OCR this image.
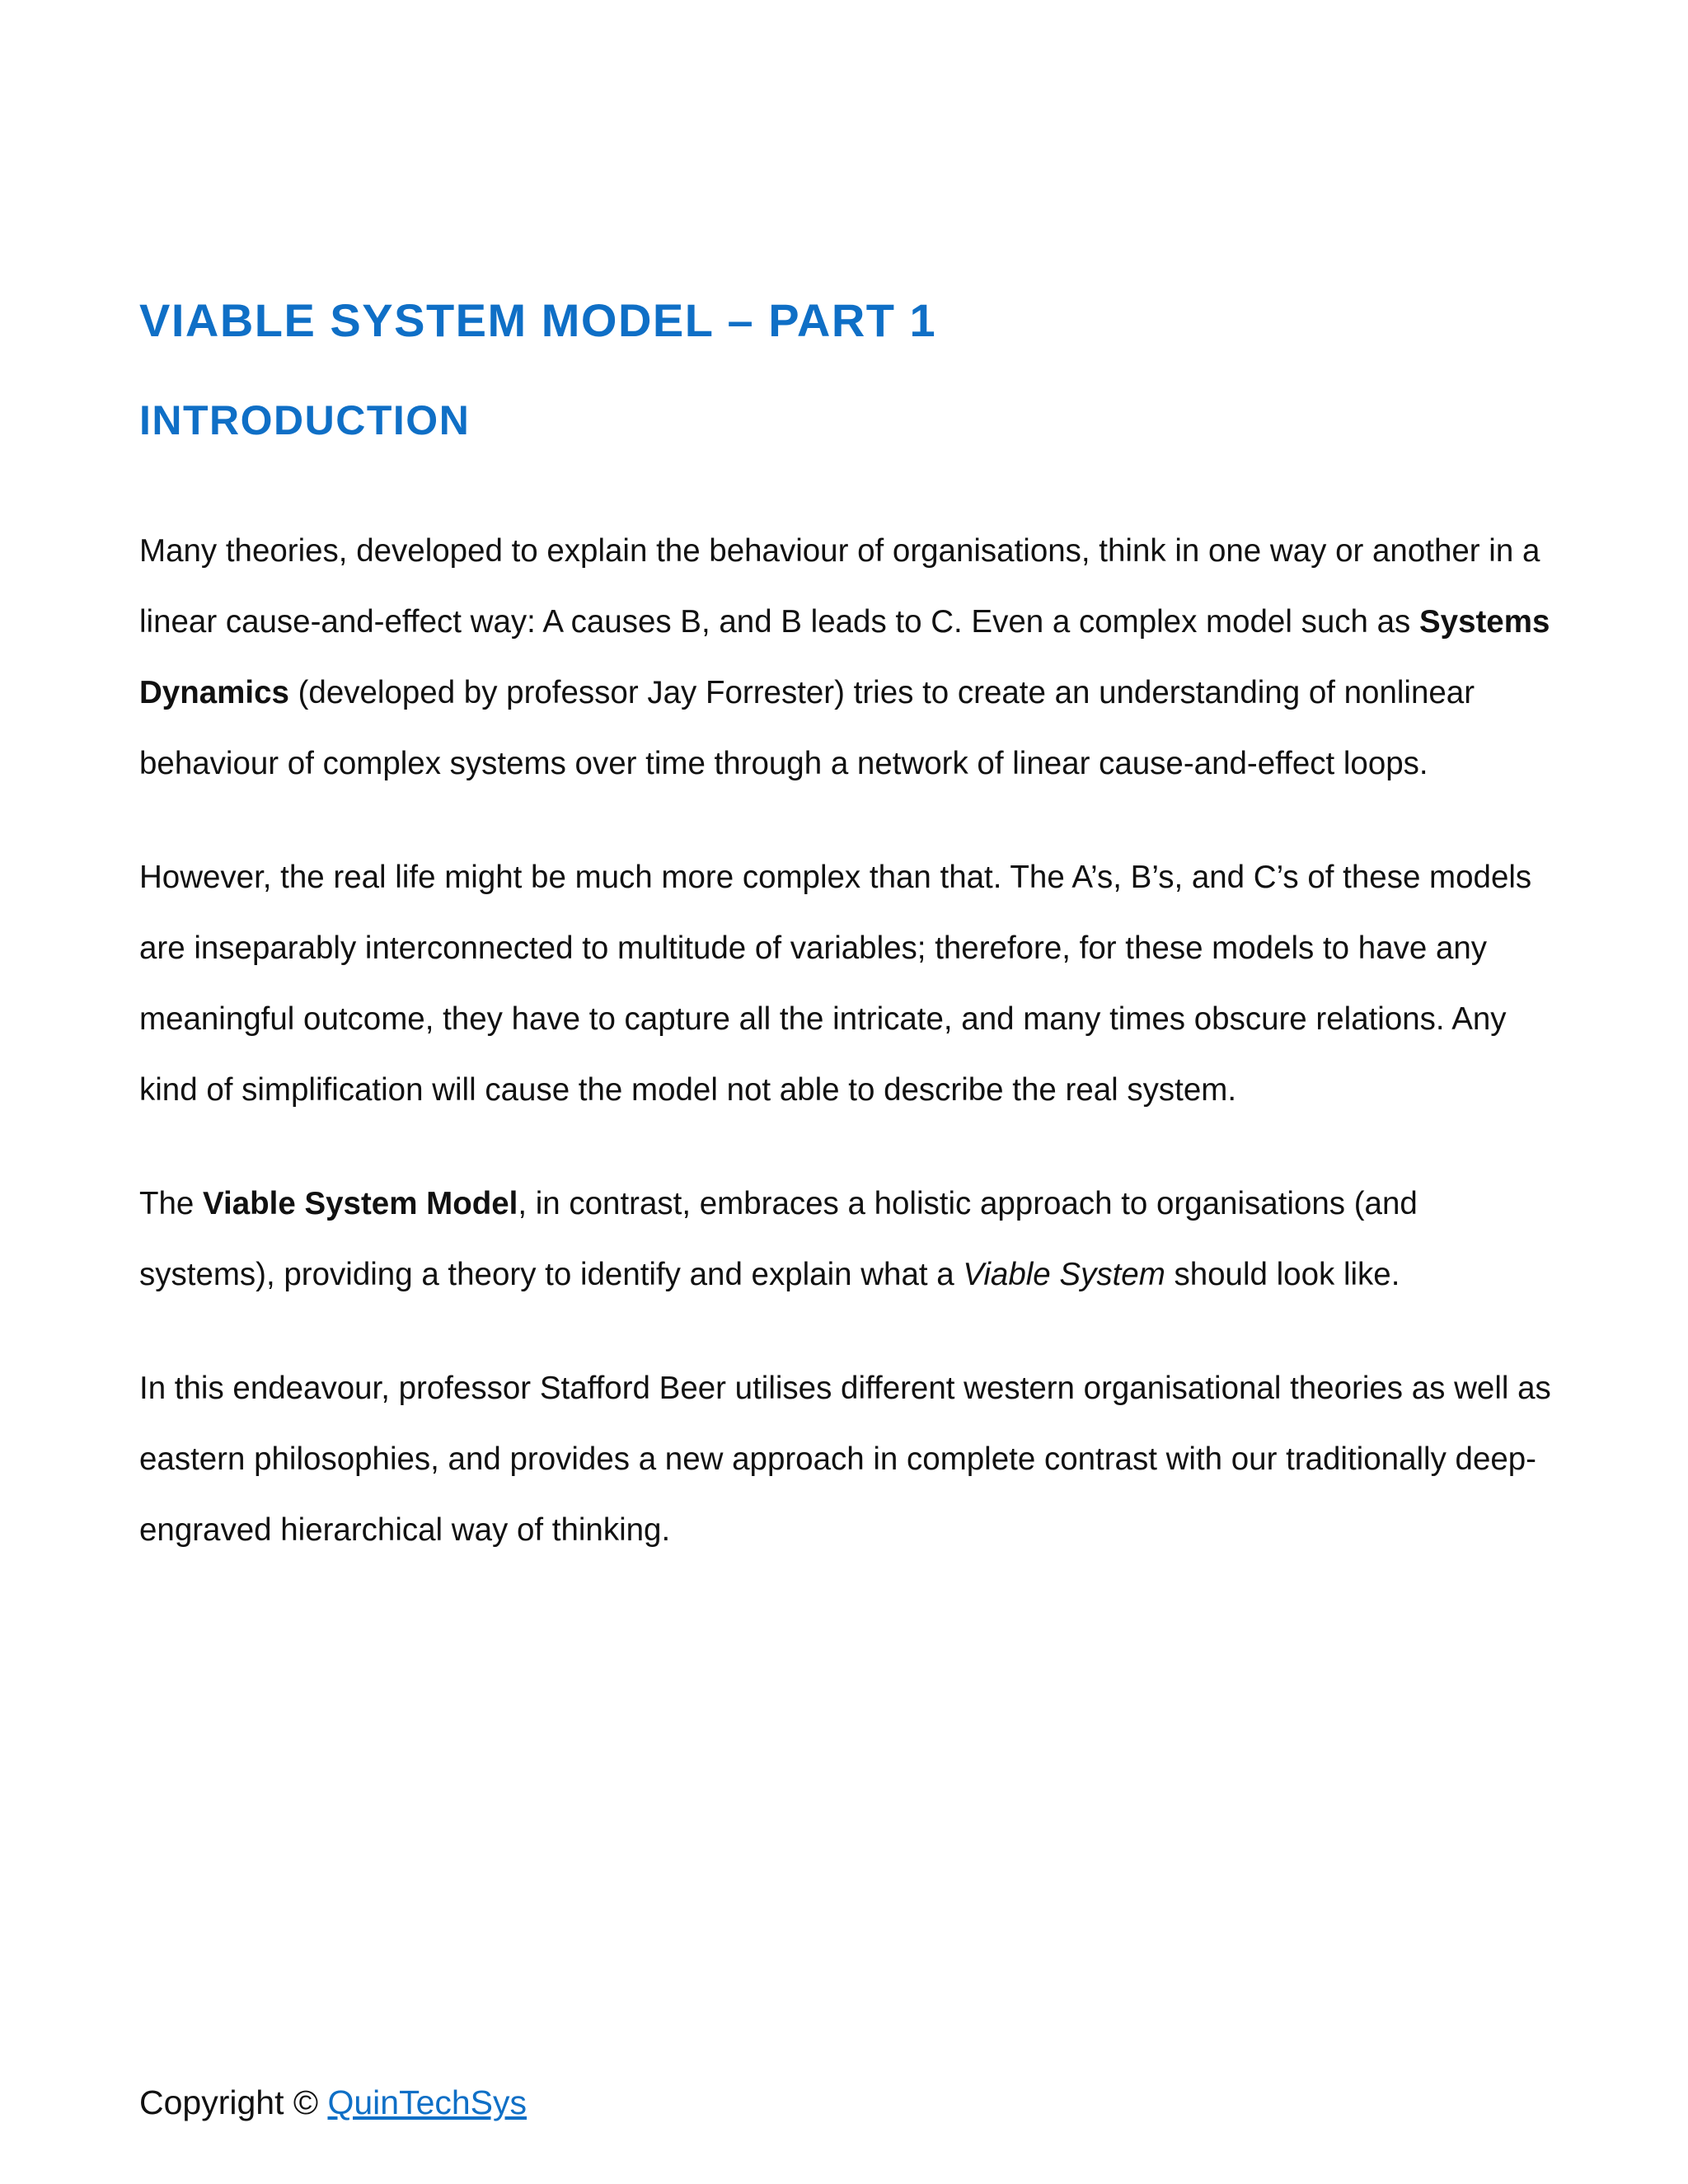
VIABLE SYSTEM MODEL – PART 1
INTRODUCTION

Many theories, developed to explain the behaviour of organisations, think in one way or another in a linear cause-and-effect way: A causes B, and B leads to C. Even a complex model such as Systems Dynamics (developed by professor Jay Forrester) tries to create an understanding of nonlinear behaviour of complex systems over time through a network of linear cause-and-effect loops.

However, the real life might be much more complex than that. The A’s, B’s, and C’s of these models are inseparably interconnected to multitude of variables; therefore, for these models to have any meaningful outcome, they have to capture all the intricate, and many times obscure relations. Any kind of simplification will cause the model not able to describe the real system.

The Viable System Model, in contrast, embraces a holistic approach to organisations (and systems), providing a theory to identify and explain what a Viable System should look like.

In this endeavour, professor Stafford Beer utilises different western organisational theories as well as eastern philosophies, and provides a new approach in complete contrast with our traditionally deep-engraved hierarchical way of thinking.

Copyright © QuinTechSys
